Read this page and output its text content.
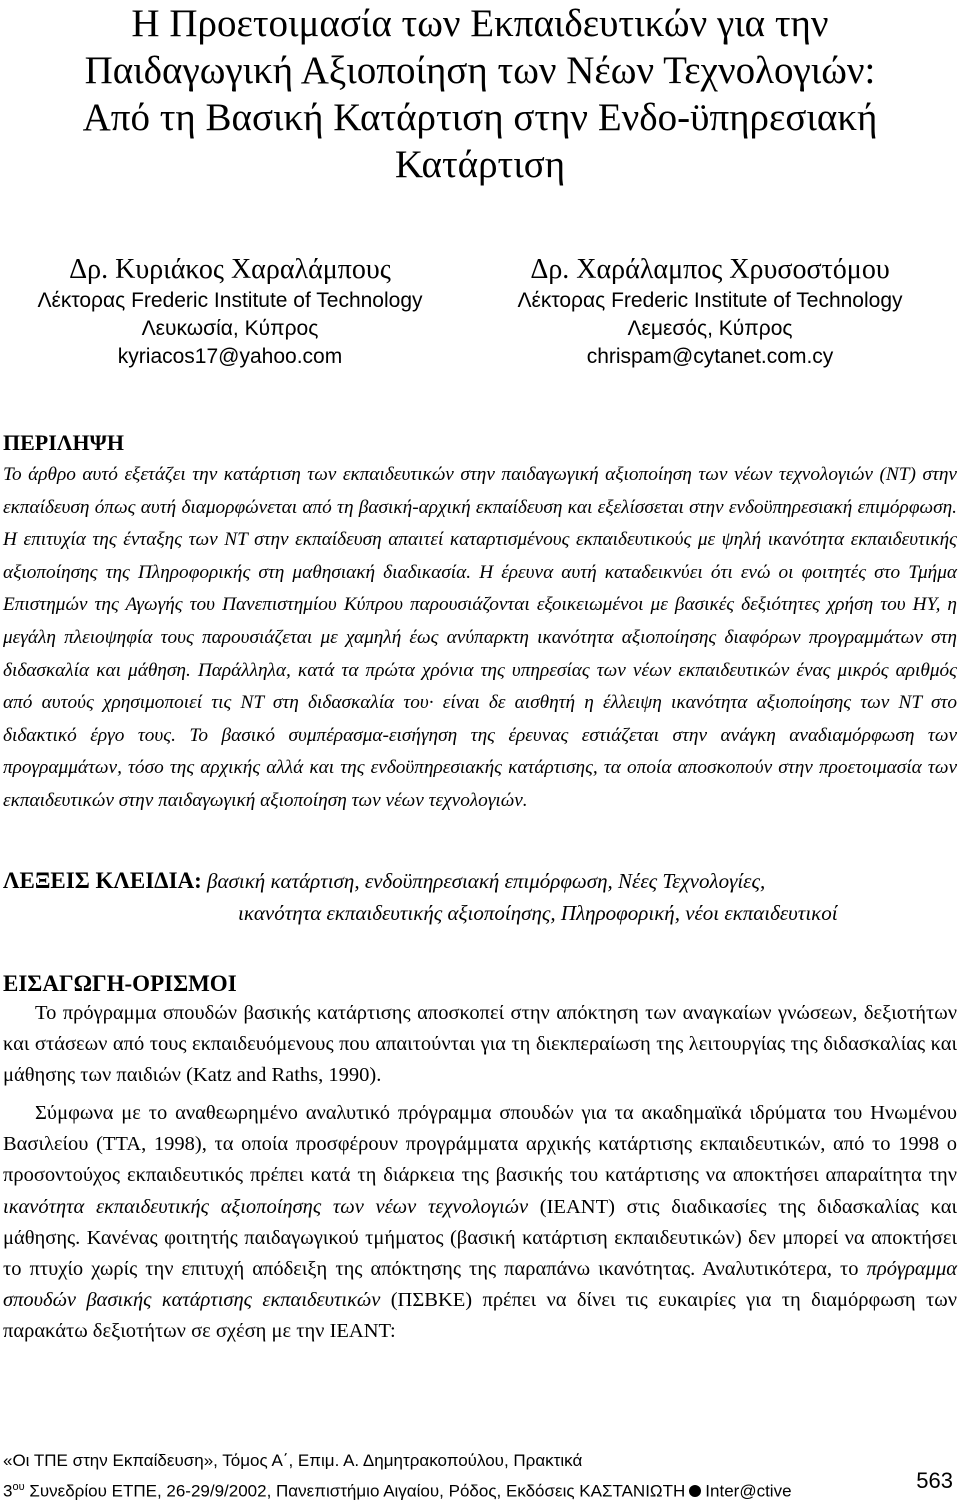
Η Προετοιμασία των Εκπαιδευτικών για την
Παιδαγωγική Αξιοποίηση των Νέων Τεχνολογιών:
Από τη Βασική Κατάρτιση στην Ενδο-ϋπηρεσιακή
Κατάρτιση
Δρ. Κυριάκος Χαραλάμπους
Λέκτορας Frederic Institute of Technology
Λευκωσία, Κύπρος
kyriacos17@yahoo.com
Δρ. Χαράλαμπος Χρυσοστόμου
Λέκτορας Frederic Institute of Technology
Λεμεσός, Κύπρος
chrispam@cytanet.com.cy
ΠΕΡΙΛΗΨΗ
Το άρθρο αυτό εξετάζει την κατάρτιση των εκπαιδευτικών στην παιδαγωγική αξιοποίηση των νέων τεχνολογιών (ΝΤ) στην εκπαίδευση όπως αυτή διαμορφώνεται από τη βασική-αρχική εκπαίδευση και εξελίσσεται στην ενδοϋπηρεσιακή επιμόρφωση. Η επιτυχία της ένταξης των ΝΤ στην εκπαίδευση απαιτεί καταρτισμένους εκπαιδευτικούς με ψηλή ικανότητα εκπαιδευτικής αξιοποίησης της Πληροφορικής στη μαθησιακή διαδικασία. Η έρευνα αυτή καταδεικνύει ότι ενώ οι φοιτητές στο Τμήμα Επιστημών της Αγωγής του Πανεπιστημίου Κύπρου παρουσιάζονται εξοικειωμένοι με βασικές δεξιότητες χρήση του ΗΥ, η μεγάλη πλειοψηφία τους παρουσιάζεται με χαμηλή έως ανύπαρκτη ικανότητα αξιοποίησης διαφόρων προγραμμάτων στη διδασκαλία και μάθηση. Παράλληλα, κατά τα πρώτα χρόνια της υπηρεσίας των νέων εκπαιδευτικών ένας μικρός αριθμός από αυτούς χρησιμοποιεί τις ΝΤ στη διδασκαλία του· είναι δε αισθητή η έλλειψη ικανότητα αξιοποίησης των ΝΤ στο διδακτικό έργο τους. Το βασικό συμπέρασμα-εισήγηση της έρευνας εστιάζεται στην ανάγκη αναδιαμόρφωση των προγραμμάτων, τόσο της αρχικής αλλά και της ενδοϋπηρεσιακής κατάρτισης, τα οποία αποσκοπούν στην προετοιμασία των εκπαιδευτικών στην παιδαγωγική αξιοποίηση των νέων τεχνολογιών.
ΛΕΞΕΙΣ ΚΛΕΙΔΙΑ: βασική κατάρτιση, ενδοϋπηρεσιακή επιμόρφωση, Νέες Τεχνολογίες,
ικανότητα εκπαιδευτικής αξιοποίησης, Πληροφορική, νέοι εκπαιδευτικοί
ΕΙΣΑΓΩΓΗ-ΟΡΙΣΜΟΙ
Το πρόγραμμα σπουδών βασικής κατάρτισης αποσκοπεί στην απόκτηση των αναγκαίων γνώσεων, δεξιοτήτων και στάσεων από τους εκπαιδευόμενους που απαιτούνται για τη διεκπεραίωση της λειτουργίας της διδασκαλίας και μάθησης των παιδιών (Katz and Raths, 1990).
Σύμφωνα με το αναθεωρημένο αναλυτικό πρόγραμμα σπουδών για τα ακαδημαϊκά ιδρύματα του Ηνωμένου Βασιλείου (ΤΤΑ, 1998), τα οποία προσφέρουν προγράμματα αρχικής κατάρτισης εκπαιδευτικών, από το 1998 ο προσοντούχος εκπαιδευτικός πρέπει κατά τη διάρκεια της βασικής του κατάρτισης να αποκτήσει απαραίτητα την ικανότητα εκπαιδευτικής αξιοποίησης των νέων τεχνολογιών (ΙΕΑΝΤ) στις διαδικασίες της διδασκαλίας και μάθησης. Κανένας φοιτητής παιδαγωγικού τμήματος (βασική κατάρτιση εκπαιδευτικών) δεν μπορεί να αποκτήσει το πτυχίο χωρίς την επιτυχή απόδειξη της απόκτησης της παραπάνω ικανότητας. Αναλυτικότερα, το πρόγραμμα σπουδών βασικής κατάρτισης εκπαιδευτικών (ΠΣΒΚΕ) πρέπει να δίνει τις ευκαιρίες για τη διαμόρφωση των παρακάτω δεξιοτήτων σε σχέση με την ΙΕΑΝΤ:
«Οι ΤΠΕ στην Εκπαίδευση», Τόμος Α΄, Επιμ. Α. Δημητρακοπούλου, Πρακτικά
$3^{o\upsilon}$ Συνεδρίου ΕΤΠΕ, 26-29/9/2002, Πανεπιστήμιο Αιγαίου, Ρόδος, Εκδόσεις ΚΑΣΤΑΝΙΩΤΗ Inter@ctive	563
